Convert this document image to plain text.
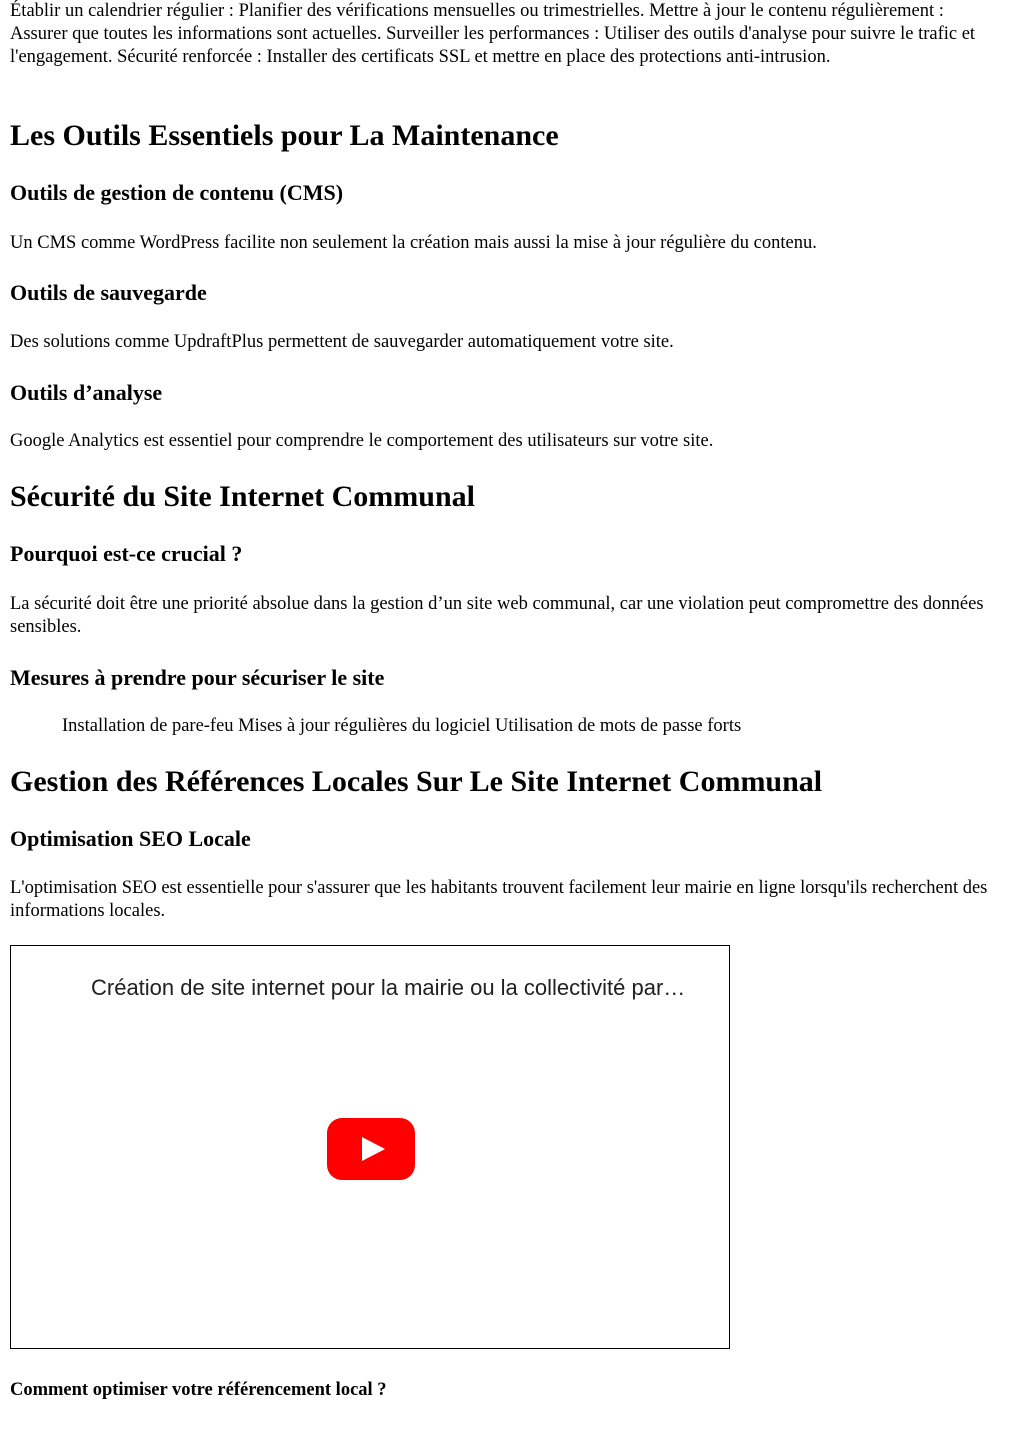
Établir un calendrier régulier : Planifier des vérifications mensuelles ou trimestrielles. Mettre à jour le contenu régulièrement : Assurer que toutes les informations sont actuelles. Surveiller les performances : Utiliser des outils d'analyse pour suivre le trafic et l'engagement. Sécurité renforcée : Installer des certificats SSL et mettre en place des protections anti-intrusion.

Les Outils Essentiels pour La Maintenance
Outils de gestion de contenu (CMS)

Un CMS comme WordPress facilite non seulement la création mais aussi la mise à jour régulière du contenu.

Outils de sauvegarde

Des solutions comme UpdraftPlus permettent de sauvegarder automatiquement votre site.

Outils d’analyse

Google Analytics est essentiel pour comprendre le comportement des utilisateurs sur votre site.

Sécurité du Site Internet Communal
Pourquoi est-ce crucial ?

La sécurité doit être une priorité absolue dans la gestion d’un site web communal, car une violation peut compromettre des données sensibles.

Mesures à prendre pour sécuriser le site

Installation de pare-feu Mises à jour régulières du logiciel Utilisation de mots de passe forts

Gestion des Références Locales Sur Le Site Internet Communal
Optimisation SEO Locale

L'optimisation SEO est essentielle pour s'assurer que les habitants trouvent facilement leur mairie en ligne lorsqu'ils recherchent des informations locales.

Création de site internet pour la mairie ou la collectivité par…
Comment optimiser votre référencement local ?
